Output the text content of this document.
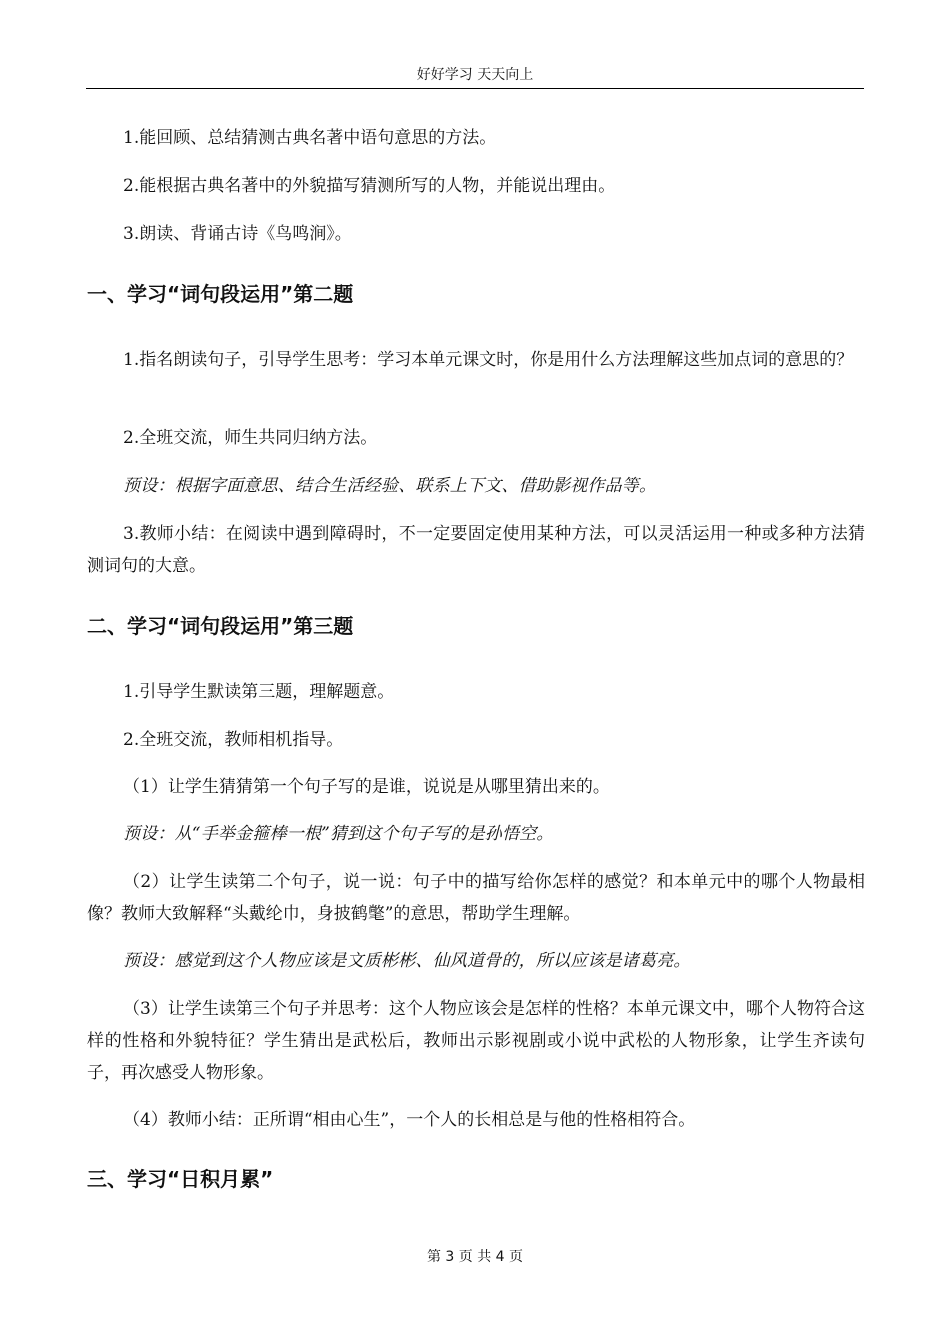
好好学习 天天向上
1.能回顾、总结猜测古典名著中语句意思的方法。
2.能根据古典名著中的外貌描写猜测所写的人物，并能说出理由。
3.朗读、背诵古诗《鸟鸣涧》。
一、学习“词句段运用”第二题
1.指名朗读句子，引导学生思考：学习本单元课文时，你是用什么方法理解这些加点词的意思的？
2.全班交流，师生共同归纳方法。
预设：根据字面意思、结合生活经验、联系上下文、借助影视作品等。
3.教师小结：在阅读中遇到障碍时，不一定要固定使用某种方法，可以灵活运用一种或多种方法猜测词句的大意。
二、学习“词句段运用”第三题
1.引导学生默读第三题，理解题意。
2.全班交流，教师相机指导。
（1）让学生猜猜第一个句子写的是谁，说说是从哪里猜出来的。
预设：从“手举金箍棒一根”猜到这个句子写的是孙悟空。
（2）让学生读第二个句子，说一说：句子中的描写给你怎样的感觉？和本单元中的哪个人物最相像？教师大致解释“头戴纶巾，身披鹤氅”的意思，帮助学生理解。
预设：感觉到这个人物应该是文质彬彬、仙风道骨的，所以应该是诸葛亮。
（3）让学生读第三个句子并思考：这个人物应该会是怎样的性格？本单元课文中，哪个人物符合这样的性格和外貌特征？学生猜出是武松后，教师出示影视剧或小说中武松的人物形象，让学生齐读句子，再次感受人物形象。
（4）教师小结：正所谓“相由心生”，一个人的长相总是与他的性格相符合。
三、学习“日积月累”
第 3 页 共 4 页
